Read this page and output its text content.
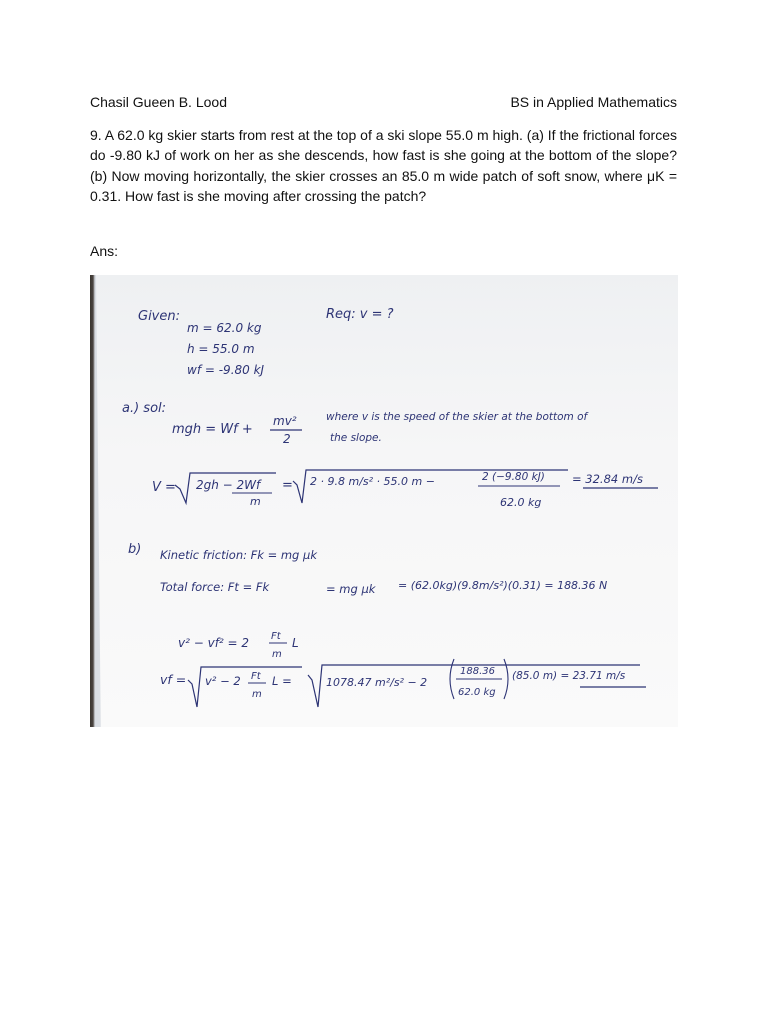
Chasil Gueen B. Lood	BS in Applied Mathematics

9. A 62.0 kg skier starts from rest at the top of a ski slope 55.0 m high. (a) If the frictional forces do -9.80 kJ of work on her as she descends, how fast is she going at the bottom of the slope? (b) Now moving horizontally, the skier crosses an 85.0 m wide patch of soft snow, where μK = 0.31. How fast is she moving after crossing the patch?

Ans:
Given:
m = 62.0 kg
h = 55.0 m
wf = -9.80 kJ
Req: v = ?
a.) sol:
mgh = Wf +
mv²
2
where v is the speed of the skier at the bottom of
the slope.
V = 2gh − 2Wf
m
= 2 · 9.8 m/s² · 55.0 m −	2 (−9.80 kJ)
62.0 kg
= 32.84 m/s
b) Kinetic friction: Fk = mg μk
Total force: Ft = Fk	= mg μk = (62.0kg)(9.8m/s²)(0.31) = 188.36 N
v² − vf² = 2 Ft
m
L
vf = v² − 2 Ft
m
L =	1078.47 m²/s² − 2
188.36
62.0 kg
(85.0 m) = 23.71 m/s
